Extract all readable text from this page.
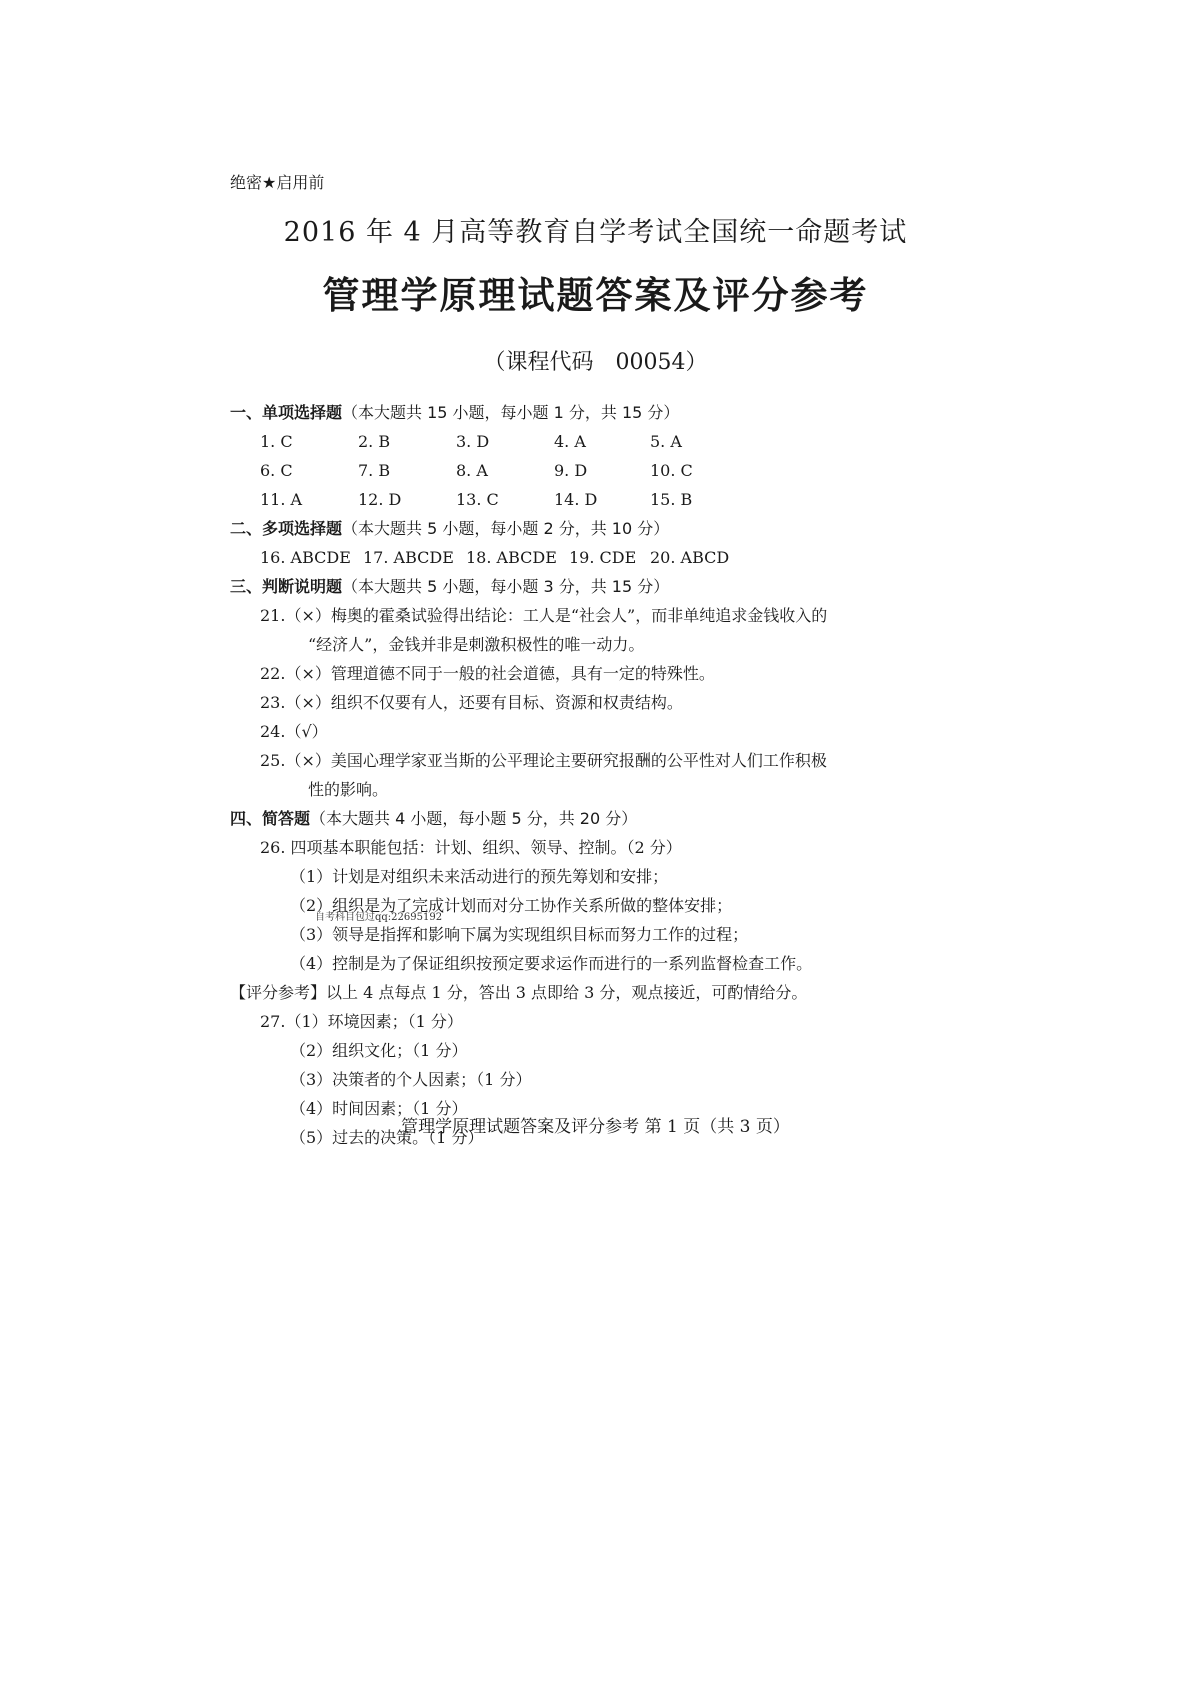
绝密★启用前
2016 年 4 月高等教育自学考试全国统一命题考试
管理学原理试题答案及评分参考
（课程代码　00054）
一、单项选择题（本大题共 15 小题，每小题 1 分，共 15 分）
1. C	2. B	3. D	4. A	5. A
6. C	7. B	8. A	9. D	10. C
11. A	12. D	13. C	14. D	15. B
二、多项选择题（本大题共 5 小题，每小题 2 分，共 10 分）
16. ABCDE 17. ABCDE 18. ABCDE 19. CDE 20. ABCD
三、判断说明题（本大题共 5 小题，每小题 3 分，共 15 分）
21.（×）梅奥的霍桑试验得出结论：工人是“社会人”，而非单纯追求金钱收入的
“经济人”，金钱并非是刺激积极性的唯一动力。
22.（×）管理道德不同于一般的社会道德，具有一定的特殊性。
23.（×）组织不仅要有人，还要有目标、资源和权责结构。
24.（√）
25.（×）美国心理学家亚当斯的公平理论主要研究报酬的公平性对人们工作积极
性的影响。
四、简答题（本大题共 4 小题，每小题 5 分，共 20 分）
26. 四项基本职能包括：计划、组织、领导、控制。（2 分）
（1）计划是对组织未来活动进行的预先筹划和安排；
（2）组织是为了完成计划而对分工协作关系所做的整体安排；
自考科目包过qq:22695192
（3）领导是指挥和影响下属为实现组织目标而努力工作的过程；
（4）控制是为了保证组织按预定要求运作而进行的一系列监督检查工作。
【评分参考】以上 4 点每点 1 分，答出 3 点即给 3 分，观点接近，可酌情给分。
27.（1）环境因素；（1 分）
（2）组织文化；（1 分）
（3）决策者的个人因素；（1 分）
（4）时间因素；（1 分）
（5）过去的决策。（1 分）
管理学原理试题答案及评分参考 第 1 页（共 3 页）
